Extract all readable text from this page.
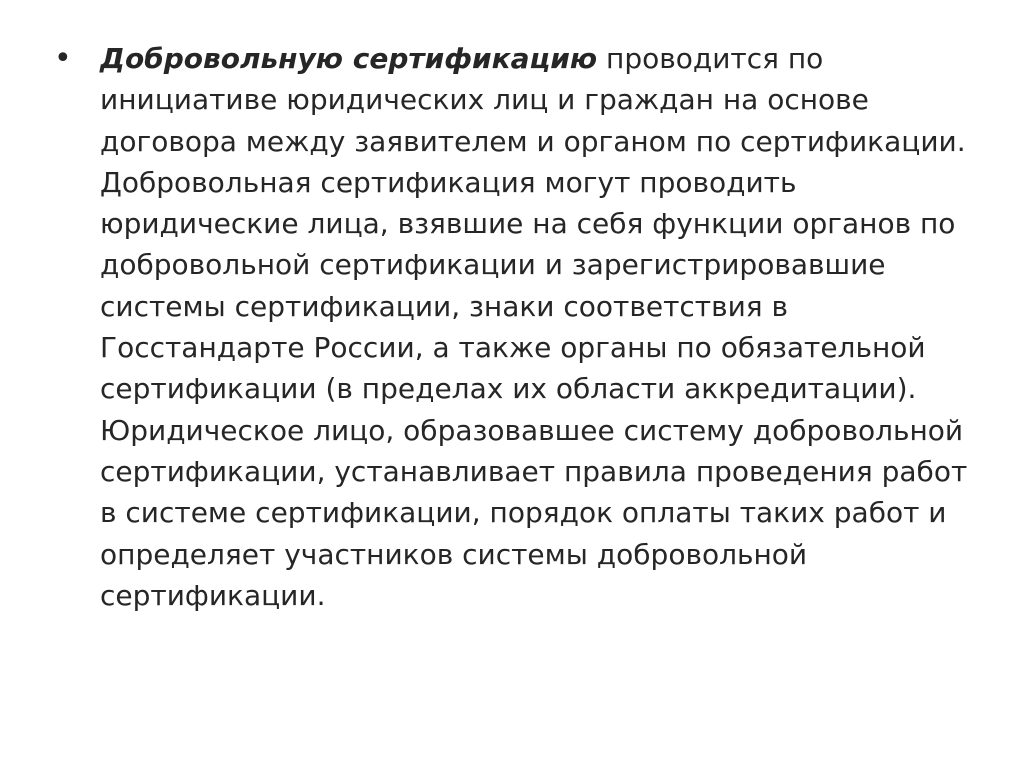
• Добровольную сертификацию проводится по инициативе юридических лиц и граждан на основе договора между заявителем и органом по сертификации. Добровольная сертификация могут проводить юридические лица, взявшие на себя функции органов по добровольной сертификации и зарегистрировавшие системы сертификации, знаки соответствия в Госстандарте России, а также органы по обязательной сертификации (в пределах их области аккредитации). Юридическое лицо, образовавшее систему добровольной сертификации, устанавливает правила проведения работ в системе сертификации, порядок оплаты таких работ и определяет участников системы добровольной сертификации.
